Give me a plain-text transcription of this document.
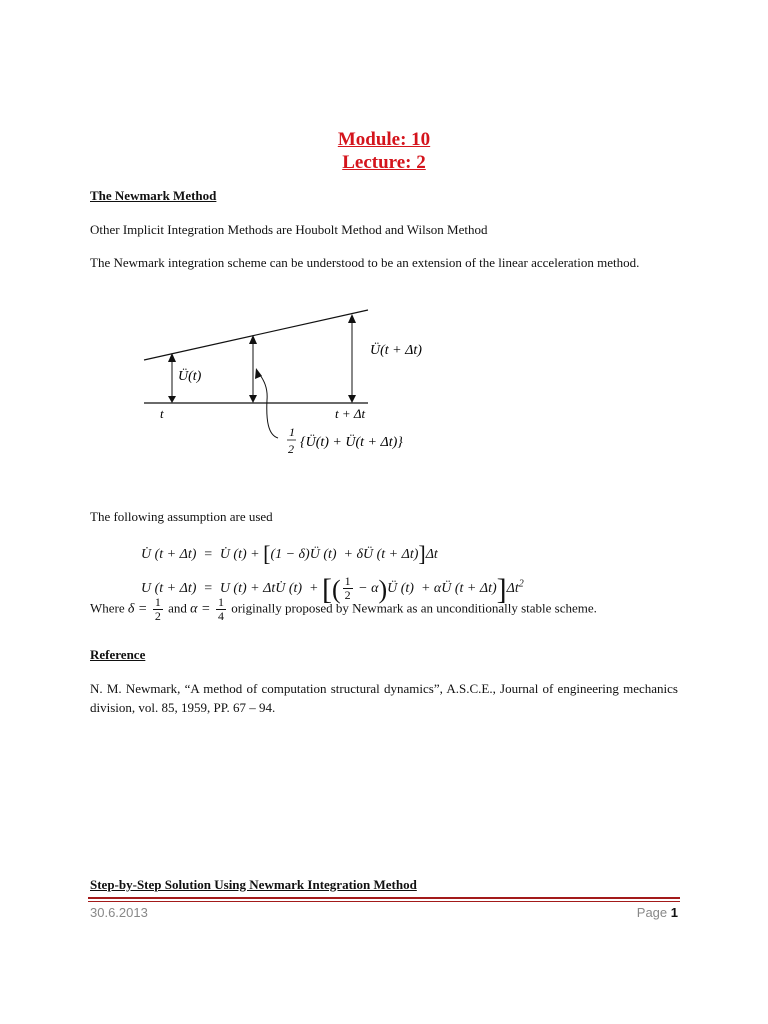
Module: 10
Lecture: 2
The Newmark Method
Other Implicit Integration Methods are Houbolt Method and Wilson Method
The Newmark integration scheme can be understood to be an extension of the linear acceleration method.
Ü(t)
Ü(t + Δt)
t	t + Δt
1
2 {Ü(t) + Ü(t + Δt)}
The following assumption are used

U̇ (t + Δt)  =  U̇ (t) + [(1 − δ)Ü (t)  + δÜ (t + Δt)]Δt

U (t + Δt)  =  U (t) + ΔtU̇ (t)  + [( $\frac{1}{2}$ − α)Ü (t)  + αÜ $(t + \Delta t)]\Delta t^2$

Where $\delta = \frac{1}{2}$ and $\alpha = \frac{1}{4}$ originally proposed by Newmark as an unconditionally stable scheme.
Reference
N. M. Newmark, “A method of computation structural dynamics”, A.S.C.E., Journal of engineering mechanics division, vol. 85, 1959, PP. 67 – 94.
Step-by-Step Solution Using Newmark Integration Method
30.6.2013	Page 1
